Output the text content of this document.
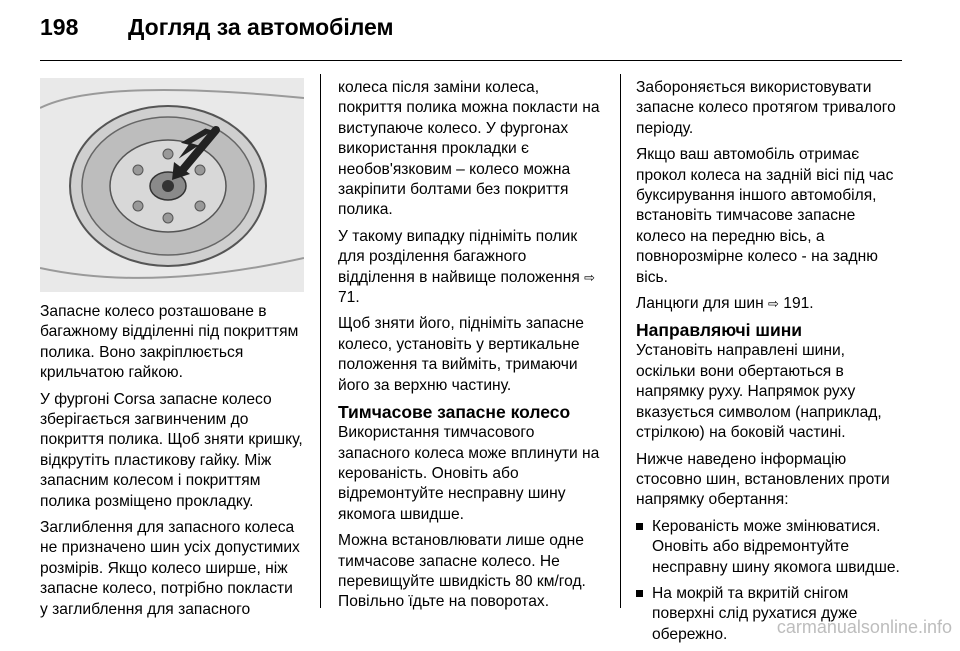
198 Догляд за автомобілем

Запасне колесо розташоване в багажному відділенні під покриттям полика. Воно закріплюється крильчатою гайкою.

У фургоні Corsa запасне колесо зберігається загвинченим до покриття полика. Щоб зняти кришку, відкрутіть пластикову гайку. Між запасним колесом і покриттям полика розміщено прокладку.

Заглиблення для запасного колеса не призначено шин усіх допустимих розмірів. Якщо колесо ширше, ніж запасне колесо, потрібно покласти у заглиблення для запасного

колеса після заміни колеса, покриття полика можна покласти на виступаюче колесо. У фургонах використання прокладки є необов'язковим – колесо можна закріпити болтами без покриття полика.

У такому випадку підніміть полик для розділення багажного відділення в найвище положення ⇨ 71.

Щоб зняти його, підніміть запасне колесо, установіть у вертикальне положення та вийміть, тримаючи його за верхню частину.

Тимчасове запасне колесо

Використання тимчасового запасного колеса може вплинути на керованість. Оновіть або відремонтуйте несправну шину якомога швидше.

Можна встановлювати лише одне тимчасове запасне колесо. Не перевищуйте швидкість 80 км/год. Повільно їдьте на поворотах.

Забороняється використовувати запасне колесо протягом тривалого періоду.

Якщо ваш автомобіль отримає прокол колеса на задній вісі під час буксирування іншого автомобіля, встановіть тимчасове запасне колесо на передню вісь, а повнорозмірне колесо - на задню вісь.

Ланцюги для шин ⇨ 191.

Направляючі шини

Установіть направлені шини, оскільки вони обертаються в напрямку руху. Напрямок руху вказується символом (наприклад, стрілкою) на боковій частині.

Нижче наведено інформацію стосовно шин, встановлених проти напрямку обертання:

Керованість може змінюватися. Оновіть або відремонтуйте несправну шину якомога швидше.
На мокрій та вкритій снігом поверхні слід рухатися дуже обережно.	carmanualsonline.info
